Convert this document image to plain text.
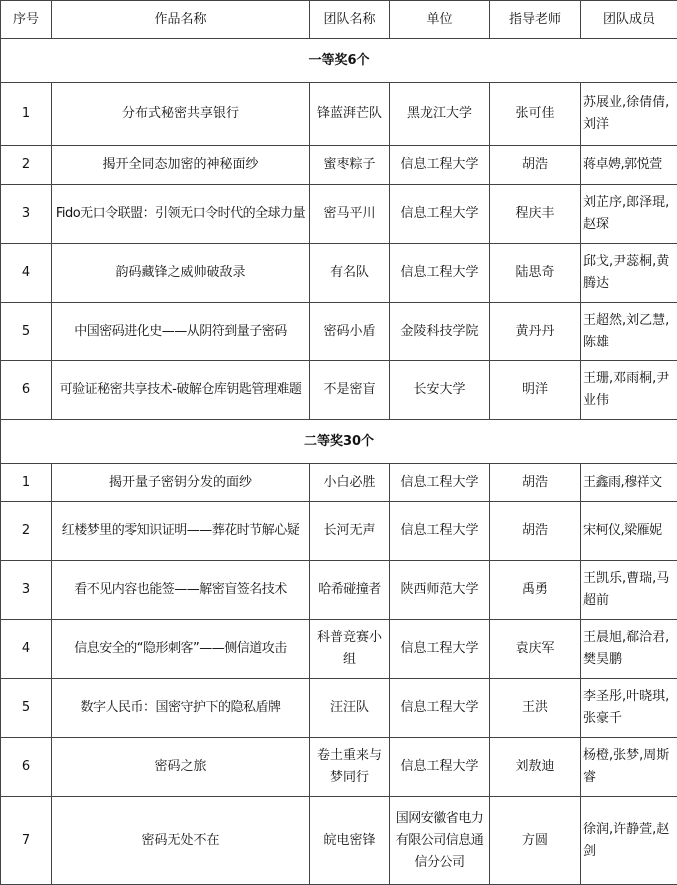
序号	作品名称	团队名称	单位	指导老师	团队成员
一等奖6个					
1	分布式秘密共享银行	锋蓝湃芒队	黑龙江大学	张可佳	苏展业,徐倩倩,刘洋
2	揭开全同态加密的神秘面纱	蜜枣粽子	信息工程大学	胡浩	蒋卓娉,郭悦萱
3	Fido无口令联盟：引领无口令时代的全球力量	密马平川	信息工程大学	程庆丰	刘芷序,郎泽琨,赵琛
4	韵码藏锋之威帅破敌录	有名队	信息工程大学	陆思奇	邱戈,尹蕊桐,黄腾达
5	中国密码进化史——从阴符到量子密码	密码小盾	金陵科技学院	黄丹丹	王超然,刘乙慧,陈雄
6	可验证秘密共享技术-破解仓库钥匙管理难题	不是密盲	长安大学	明洋	王珊,邓雨桐,尹业伟
二等奖30个					
1	揭开量子密钥分发的面纱	小白必胜	信息工程大学	胡浩	王鑫雨,穆祥文
2	红楼梦里的零知识证明——葬花时节解心疑	长河无声	信息工程大学	胡浩	宋柯仪,梁雁妮
3	看不见内容也能签——解密盲签名技术	哈希碰撞者	陕西师范大学	禹勇	王凯乐,曹瑞,马超前
4	信息安全的“隐形刺客”——侧信道攻击	科普竞赛小组	信息工程大学	袁庆军	王晨旭,郗洽君,樊昊鹏
5	数字人民币：国密守护下的隐私盾牌	汪汪队	信息工程大学	王洪	李圣彤,叶晓琪,张豪千
6	密码之旅	卷土重来与梦同行	信息工程大学	刘敖迪	杨橙,张梦,周斯睿
7	密码无处不在	皖电密锋	国网安徽省电力有限公司信息通信分公司	方圆	徐润,许静萱,赵剑
